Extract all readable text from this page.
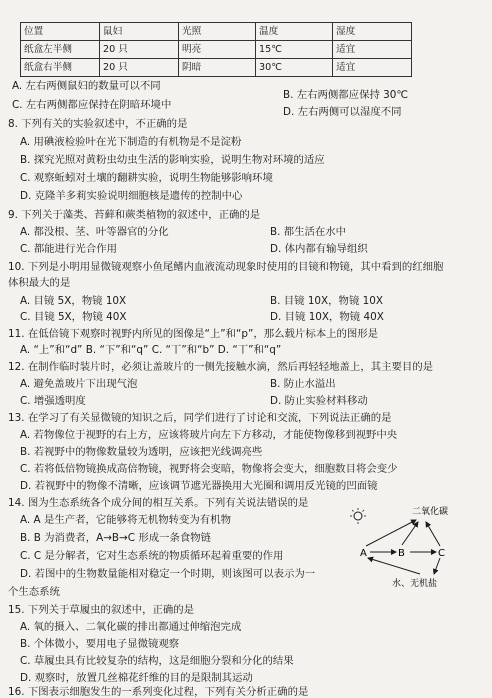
位置	鼠妇	光照	温度	湿度
纸盒左半侧	20 只	明亮	15℃	适宜
纸盒右半侧	20 只	阴暗	30℃	适宜
A. 左右两侧鼠妇的数量可以不同
B. 左右两侧都应保持 30℃
C. 左右两侧都应保持在阴暗环境中
D. 左右两侧可以湿度不同
8. 下列有关的实验叙述中，不正确的是
A. 用碘液检验叶在光下制造的有机物是不是淀粉
B. 探究光照对黄粉虫幼虫生活的影响实验，说明生物对环境的适应
C. 观察蚯蚓对土壤的翻耕实验，说明生物能够影响环境
D. 克隆羊多莉实验说明细胞核是遗传的控制中心
9. 下列关于藻类、苔藓和蕨类植物的叙述中，正确的是
A. 都没根、茎、叶等器官的分化	B. 都生活在水中
C. 都能进行光合作用	D. 体内都有输导组织
10. 下列是小明用显微镜观察小鱼尾鳍内血液流动现象时使用的目镜和物镜，其中看到的红细胞
体积最大的是
A. 目镜 5X，物镜 10X	B. 目镜 10X，物镜 10X
C. 目镜 5X，物镜 40X	D. 目镜 10X，物镜 40X
11. 在低倍镜下观察时视野内所见的图像是“上”和“p”，那么载片标本上的图形是
A. “上”和“d” B. “下”和“q” C. “丅”和“b” D. “丅”和“q”
12. 在制作临时装片时，必须让盖玻片的一侧先接触水滴，然后再轻轻地盖上，其主要目的是
A. 避免盖玻片下出现气泡	B. 防止水溢出
C. 增强透明度	D. 防止实验材料移动
13. 在学习了有关显微镜的知识之后，同学们进行了讨论和交流，下列说法正确的是
A. 若物像位于视野的右上方，应该将玻片向左下方移动，才能使物像移到视野中央
B. 若视野中的物像数量较为透明，应该把光线调亮些
C. 若将低倍物镜换成高倍物镜，视野将会变暗，物像将会变大，细胞数目将会变少
D. 若视野中的物像不清晰，应该调节遮光器换用大光圈和调用反光镜的凹面镜
14. 图为生态系统各个成分间的相互关系。下列有关说法错误的是
A. A 是生产者，它能够将无机物转变为有机物
B. B 为消费者，A→B→C 形成一条食物链
C. C 是分解者，它对生态系统的物质循环起着重要的作用
D. 若图中的生物数量能相对稳定一个时期，则该图可以表示为一
个生态系统
二氧化碳
A	B	C
水、无机盐
15. 下列关于草履虫的叙述中，正确的是
A. 氧的摄入、二氧化碳的排出都通过伸缩泡完成
B. 个体微小，要用电子显微镜观察
C. 草履虫具有比较复杂的结构，这是细胞分裂和分化的结果
D. 观察时，放置几丝棉花纤维的目的是限制其运动
16. 下图表示细胞发生的一系列变化过程，下列有关分析正确的是
